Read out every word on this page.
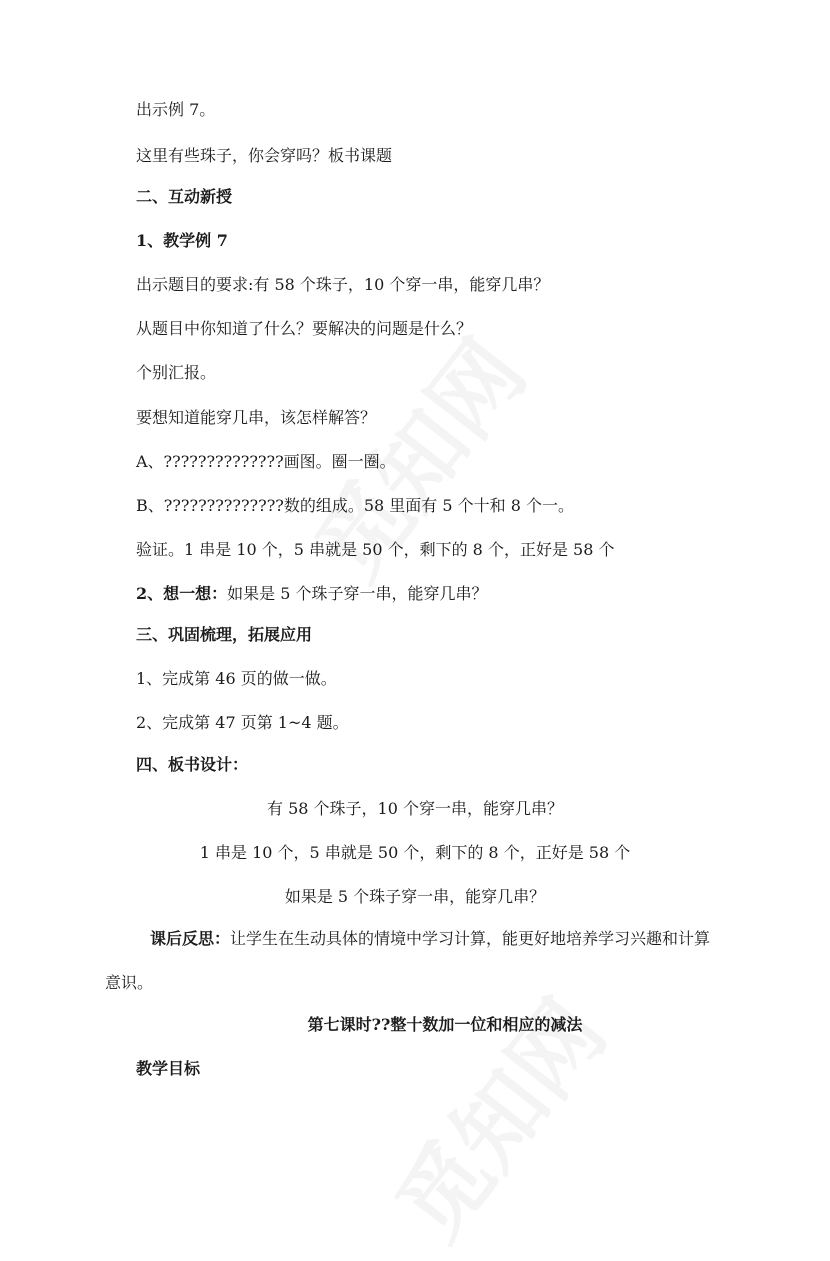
出示例 7。
这里有些珠子，你会穿吗？板书课题
二、互动新授
1、教学例 7
出示题目的要求:有 58 个珠子，10 个穿一串，能穿几串？
从题目中你知道了什么？要解决的问题是什么？
个别汇报。
要想知道能穿几串，该怎样解答？
A、??????????????画图。圈一圈。
B、??????????????数的组成。58 里面有 5 个十和 8 个一。
验证。1 串是 10 个，5 串就是 50 个，剩下的 8 个，正好是 58 个
2、想一想：如果是 5 个珠子穿一串，能穿几串？
三、巩固梳理，拓展应用
1、完成第 46 页的做一做。
2、完成第 47 页第 1~4 题。
四、板书设计：
有 58 个珠子，10 个穿一串，能穿几串？
1 串是 10 个，5 串就是 50 个，剩下的 8 个，正好是 58 个
如果是 5 个珠子穿一串，能穿几串？
课后反思：让学生在生动具体的情境中学习计算，能更好地培养学习兴趣和计算
意识。
第七课时??整十数加一位和相应的减法
教学目标
